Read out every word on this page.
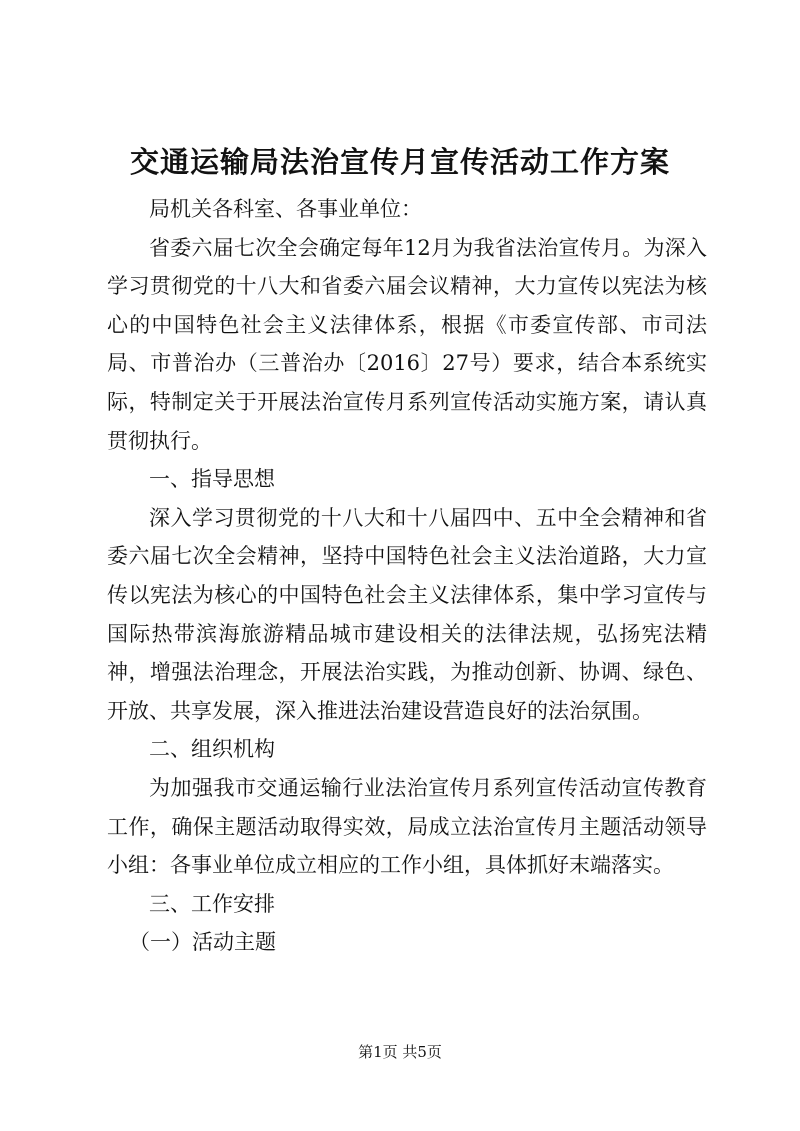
交通运输局法治宣传月宣传活动工作方案

局机关各科室、各事业单位：

省委六届七次全会确定每年12月为我省法治宣传月。为深入学习贯彻党的十八大和省委六届会议精神，大力宣传以宪法为核心的中国特色社会主义法律体系，根据《市委宣传部、市司法局、市普治办（三普治办〔2016〕27号）要求，结合本系统实际，特制定关于开展法治宣传月系列宣传活动实施方案，请认真贯彻执行。

一、指导思想

深入学习贯彻党的十八大和十八届四中、五中全会精神和省委六届七次全会精神，坚持中国特色社会主义法治道路，大力宣传以宪法为核心的中国特色社会主义法律体系，集中学习宣传与国际热带滨海旅游精品城市建设相关的法律法规，弘扬宪法精神，增强法治理念，开展法治实践，为推动创新、协调、绿色、开放、共享发展，深入推进法治建设营造良好的法治氛围。

二、组织机构

为加强我市交通运输行业法治宣传月系列宣传活动宣传教育工作，确保主题活动取得实效，局成立法治宣传月主题活动领导小组：各事业单位成立相应的工作小组，具体抓好末端落实。

三、工作安排

（一）活动主题

第1页 共5页
